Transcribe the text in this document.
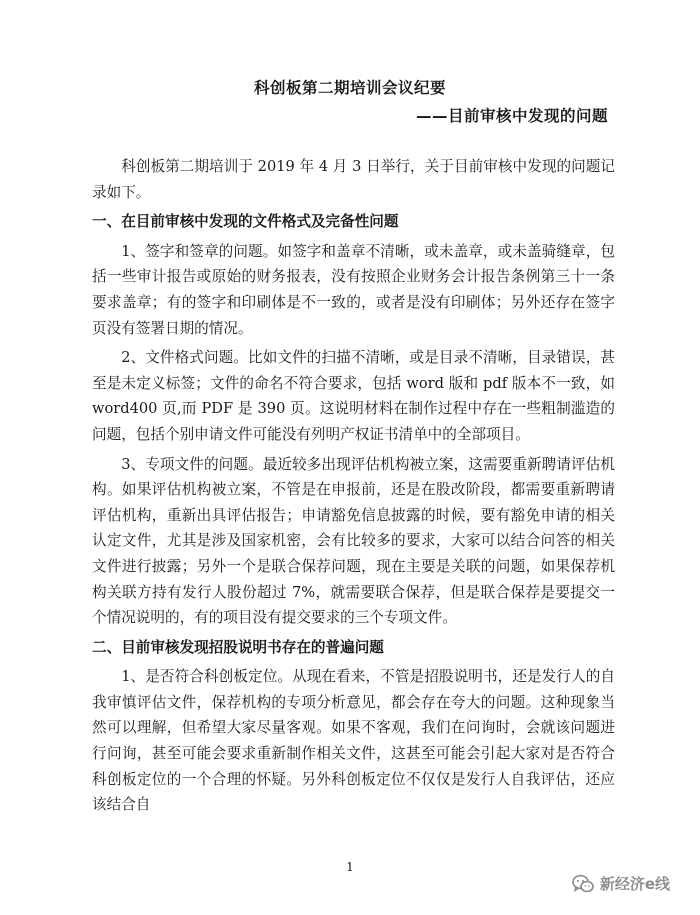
科创板第二期培训会议纪要
——目前审核中发现的问题

科创板第二期培训于 2019 年 4 月 3 日举行，关于目前审核中发现的问题记录如下。

一、在目前审核中发现的文件格式及完备性问题

1、签字和签章的问题。如签字和盖章不清晰，或未盖章，或未盖骑缝章，包括一些审计报告或原始的财务报表，没有按照企业财务会计报告条例第三十一条要求盖章；有的签字和印刷体是不一致的，或者是没有印刷体；另外还存在签字页没有签署日期的情况。

2、文件格式问题。比如文件的扫描不清晰，或是目录不清晰，目录错误，甚至是未定义标签；文件的命名不符合要求，包括 word 版和 pdf 版本不一致，如word400 页,而 PDF 是 390 页。这说明材料在制作过程中存在一些粗制滥造的问题，包括个别申请文件可能没有列明产权证书清单中的全部项目。

3、专项文件的问题。最近较多出现评估机构被立案，这需要重新聘请评估机构。如果评估机构被立案，不管是在申报前，还是在股改阶段，都需要重新聘请评估机构，重新出具评估报告；申请豁免信息披露的时候，要有豁免申请的相关认定文件，尤其是涉及国家机密，会有比较多的要求，大家可以结合问答的相关文件进行披露；另外一个是联合保荐问题，现在主要是关联的问题，如果保荐机构关联方持有发行人股份超过 7%，就需要联合保荐，但是联合保荐是要提交一个情况说明的，有的项目没有提交要求的三个专项文件。

二、目前审核发现招股说明书存在的普遍问题

1、是否符合科创板定位。从现在看来，不管是招股说明书，还是发行人的自我审慎评估文件，保荐机构的专项分析意见，都会存在夸大的问题。这种现象当然可以理解，但希望大家尽量客观。如果不客观，我们在问询时，会就该问题进行问询，甚至可能会要求重新制作相关文件，这甚至可能会引起大家对是否符合科创板定位的一个合理的怀疑。另外科创板定位不仅仅是发行人自我评估，还应该结合自

1
新经济e线
